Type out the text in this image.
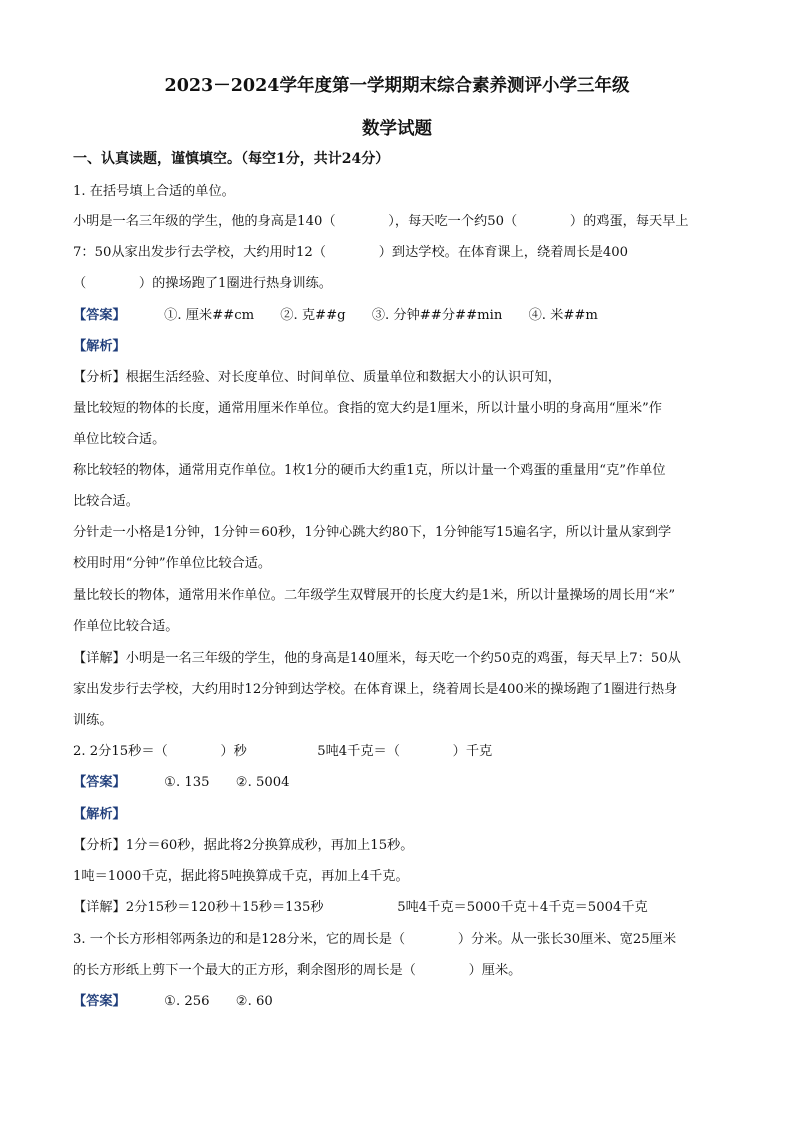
2023－2024学年度第一学期期末综合素养测评小学三年级
数学试题
一、认真读题，谨慎填空。（每空1分，共计24分）
1. 在括号填上合适的单位。
小明是一名三年级的学生，他的身高是140（　　　　），每天吃一个约50（　　　　）的鸡蛋，每天早上
7：50从家出发步行去学校，大约用时12（　　　　）到达学校。在体育课上，绕着周长是400
（　　　　）的操场跑了1圈进行热身训练。
【答案】	①. 厘米##cm ②. 克##g ③. 分钟##分##min ④. 米##m
【解析】
【分析】根据生活经验、对长度单位、时间单位、质量单位和数据大小的认识可知，
量比较短的物体的长度，通常用厘米作单位。食指的宽大约是1厘米，所以计量小明的身高用“厘米”作
单位比较合适。
称比较轻的物体，通常用克作单位。1枚1分的硬币大约重1克，所以计量一个鸡蛋的重量用“克”作单位
比较合适。
分针走一小格是1分钟，1分钟＝60秒，1分钟心跳大约80下，1分钟能写15遍名字，所以计量从家到学
校用时用“分钟”作单位比较合适。
量比较长的物体，通常用米作单位。二年级学生双臂展开的长度大约是1米，所以计量操场的周长用“米”
作单位比较合适。
【详解】小明是一名三年级的学生，他的身高是140厘米，每天吃一个约50克的鸡蛋，每天早上7：50从
家出发步行去学校，大约用时12分钟到达学校。在体育课上，绕着周长是400米的操场跑了1圈进行热身
训练。
2. 2分15秒＝（　　　　）秒	5吨4千克＝（　　　　）千克
【答案】	①. 135 ②. 5004
【解析】
【分析】1分＝60秒，据此将2分换算成秒，再加上15秒。
1吨＝1000千克，据此将5吨换算成千克，再加上4千克。
【详解】2分15秒＝120秒＋15秒＝135秒	5吨4千克＝5000千克＋4千克＝5004千克
3. 一个长方形相邻两条边的和是128分米，它的周长是（　　　　）分米。从一张长30厘米、宽25厘米
的长方形纸上剪下一个最大的正方形，剩余图形的周长是（　　　　）厘米。
【答案】	①. 256 ②. 60
